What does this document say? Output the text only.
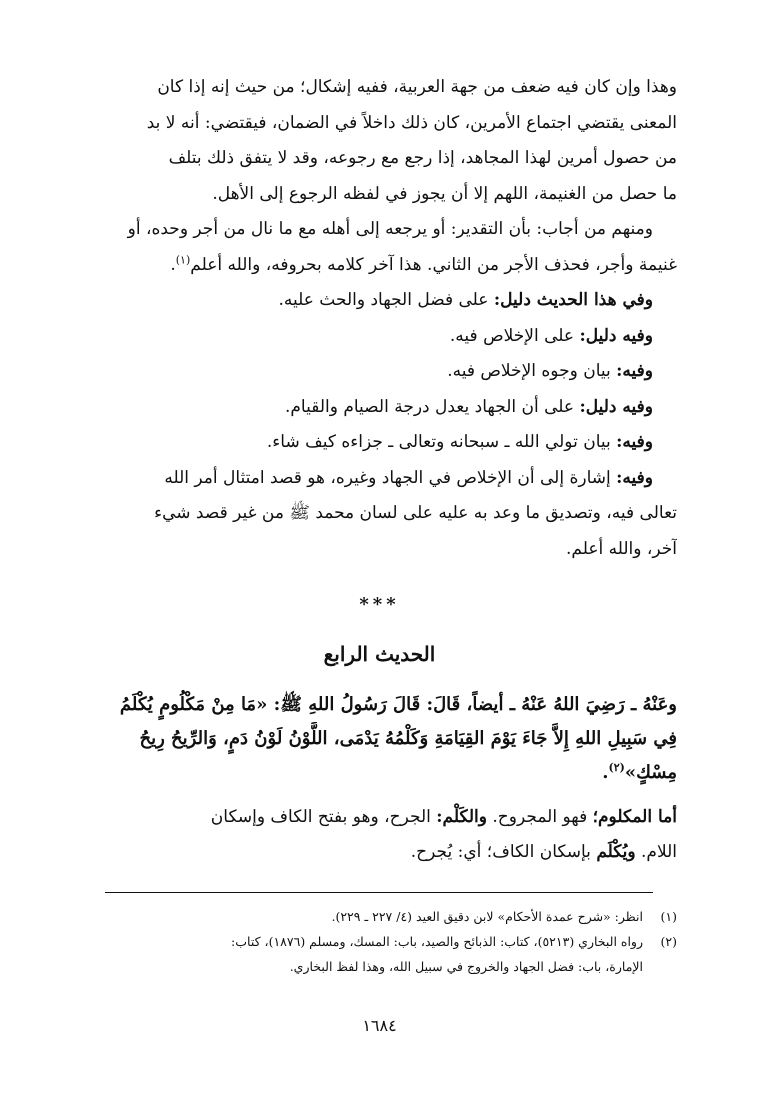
وهذا وإن كان فيه ضعف من جهة العربية، ففيه إشكال؛ من حيث إنه إذا كان
المعنى يقتضي اجتماع الأمرين، كان ذلك داخلاً في الضمان، فيقتضي: أنه لا بد
من حصول أمرين لهذا المجاهد، إذا رجع مع رجوعه، وقد لا يتفق ذلك بتلف
ما حصل من الغنيمة، اللهم إلا أن يجوز في لفظه الرجوع إلى الأهل.
ومنهم من أجاب: بأن التقدير: أو يرجعه إلى أهله مع ما نال من أجر وحده، أو
غنيمة وأجر، فحذف الأجر من الثاني. هذا آخر كلامه بحروفه، والله أعلم$^{(١)}$.
وفي هذا الحديث دليل: على فضل الجهاد والحث عليه.
وفيه دليل: على الإخلاص فيه.
وفيه: بيان وجوه الإخلاص فيه.
وفيه دليل: على أن الجهاد يعدل درجة الصيام والقيام.
وفيه: بيان تولي الله ـ سبحانه وتعالى ـ جزاءه كيف شاء.
وفيه: إشارة إلى أن الإخلاص في الجهاد وغيره، هو قصد امتثال أمر الله
تعالى فيه، وتصديق ما وعد به عليه على لسان محمد ﷺ من غير قصد شيء
آخر، والله أعلم.
***
الحديث الرابع
وعَنْهُ ـ رَضِيَ اللهُ عَنْهُ ـ أيضاً، قَالَ: قَالَ رَسُولُ اللهِ ﷺ: «مَا مِنْ مَكْلُومٍ يُكْلَمُ
فِي سَبِيلِ اللهِ إِلاَّ جَاءَ يَوْمَ القِيَامَةِ وَكَلْمُهُ يَدْمَى، اللَّوْنُ لَوْنُ دَمٍ، وَالرِّيحُ رِيحُ
مِسْكٍ»$^{(٢)}$.
أما المكلوم؛ فهو المجروح. والكَلْم: الجرح، وهو بفتح الكاف وإسكان
اللام. ويُكْلَم بإسكان الكاف؛ أي: يُجرح.
(١)
انظر: «شرح عمدة الأحكام» لابن دقيق العيد (٤/ ٢٢٧ ـ ٢٢٩).
(٢)
رواه البخاري (٥٢١٣)، كتاب: الذبائح والصيد، باب: المسك، ومسلم (١٨٧٦)، كتاب:
الإمارة، باب: فضل الجهاد والخروج في سبيل الله، وهذا لفظ البخاري.
١٦٨٤
